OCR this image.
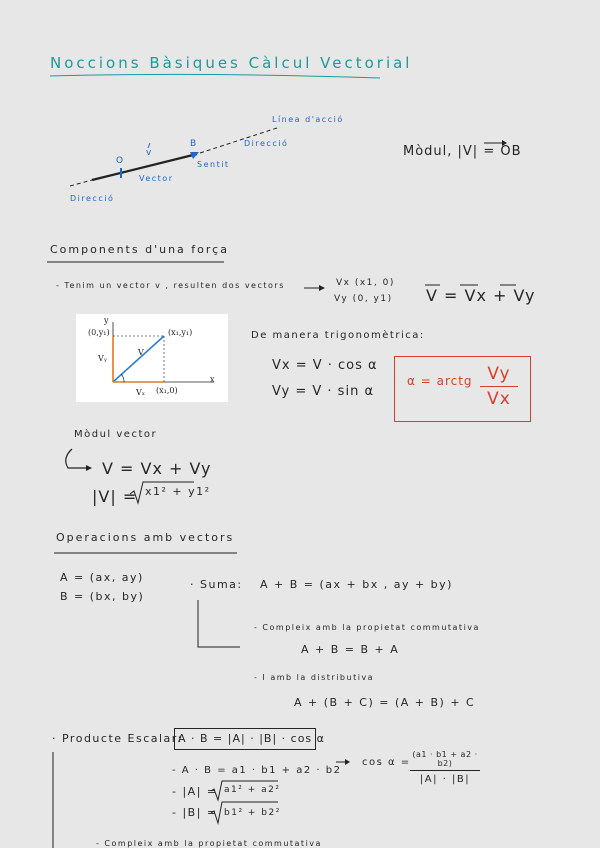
Noccions Bàsiques Càlcul Vectorial
Línea d'acció
Direcció
B
v
O	Sentit
Vector
Direcció
Mòdul, |V| = OB
Components d'una força
- Tenim un vector v , resulten dos vectors	Vx (x1, 0)
Vy (0, y1) V = Vx + Vy
y
x
(0,y₁)	(x₁,y₁)
(x₁,0)
Vᵧ
Vₓ
V
De manera trigonomètrica:
Vx = V · cos α
Vy = V · sin α
α = arctg Vy
Vx
Mòdul vector
V = Vx + Vy
|V| = x1² + y1²
Operacions amb vectors
A = (ax, ay)
B = (bx, by)
· Suma: A + B = (ax + bx , ay + by)
- Compleix amb la propietat commutativa
A + B = B + A
- I amb la distributiva
A + (B + C) = (A + B) + C
· Producte Escalar:
A · B = |A| · |B| · cos α
- A · B = a1 · b1 + a2 · b2
- |A| = a1² + a2²
- |B| = b1² + b2²
cos α =
(a1 · b1 + a2 · b2)
|A| · |B|
- Compleix amb la propietat commutativa
